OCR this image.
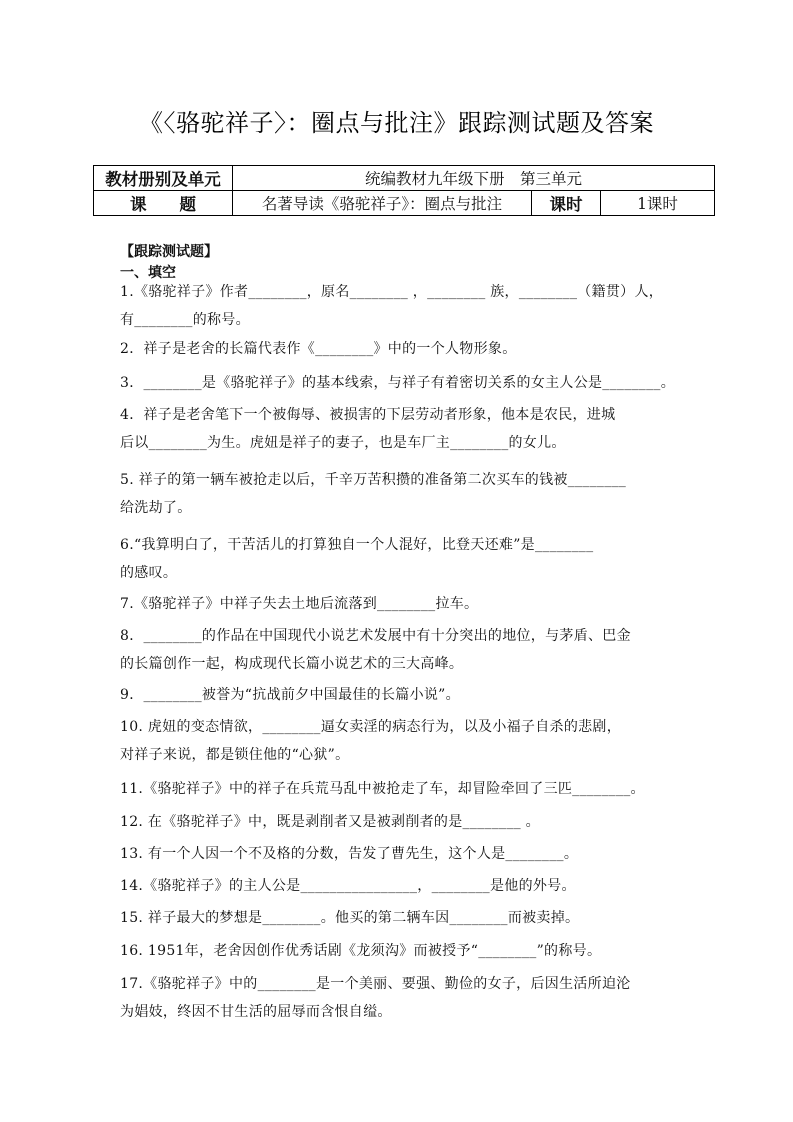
《〈骆驼祥子〉：圈点与批注》跟踪测试题及答案
教材册别及单元	统编教材九年级下册　第三单元		
课　　题	名著导读《骆驼祥子》：圈点与批注	课时	1课时
【跟踪测试题】
一、填空
1.《骆驼祥子》作者________，原名________ ，________ 族，________（籍贯）人，
有________的称号。
2．祥子是老舍的长篇代表作《________》中的一个人物形象。
3．________是《骆驼祥子》的基本线索，与祥子有着密切关系的女主人公是________。
4．祥子是老舍笔下一个被侮辱、被损害的下层劳动者形象，他本是农民，进城
后以________为生。虎妞是祥子的妻子，也是车厂主________的女儿。
5. 祥子的第一辆车被抢走以后，千辛万苦积攒的准备第二次买车的钱被________
给洗劫了。
6.“我算明白了，干苦活儿的打算独自一个人混好，比登天还难”是________
的感叹。
7.《骆驼祥子》中祥子失去土地后流落到________拉车。
8．________的作品在中国现代小说艺术发展中有十分突出的地位，与茅盾、巴金
的长篇创作一起，构成现代长篇小说艺术的三大高峰。
9．________被誉为“抗战前夕中国最佳的长篇小说”。
10. 虎妞的变态情欲，________逼女卖淫的病态行为，以及小福子自杀的悲剧，
对祥子来说，都是锁住他的“心狱”。
11.《骆驼祥子》中的祥子在兵荒马乱中被抢走了车，却冒险牵回了三匹________。
12. 在《骆驼祥子》中，既是剥削者又是被剥削者的是________ 。
13. 有一个人因一个不及格的分数，告发了曹先生，这个人是________。
14.《骆驼祥子》的主人公是________________，________是他的外号。
15. 祥子最大的梦想是________。他买的第二辆车因________而被卖掉。
16. 1951年，老舍因创作优秀话剧《龙须沟》而被授予“________”的称号。
17.《骆驼祥子》中的________是一个美丽、要强、勤俭的女子，后因生活所迫沦
为娼妓，终因不甘生活的屈辱而含恨自缢。
